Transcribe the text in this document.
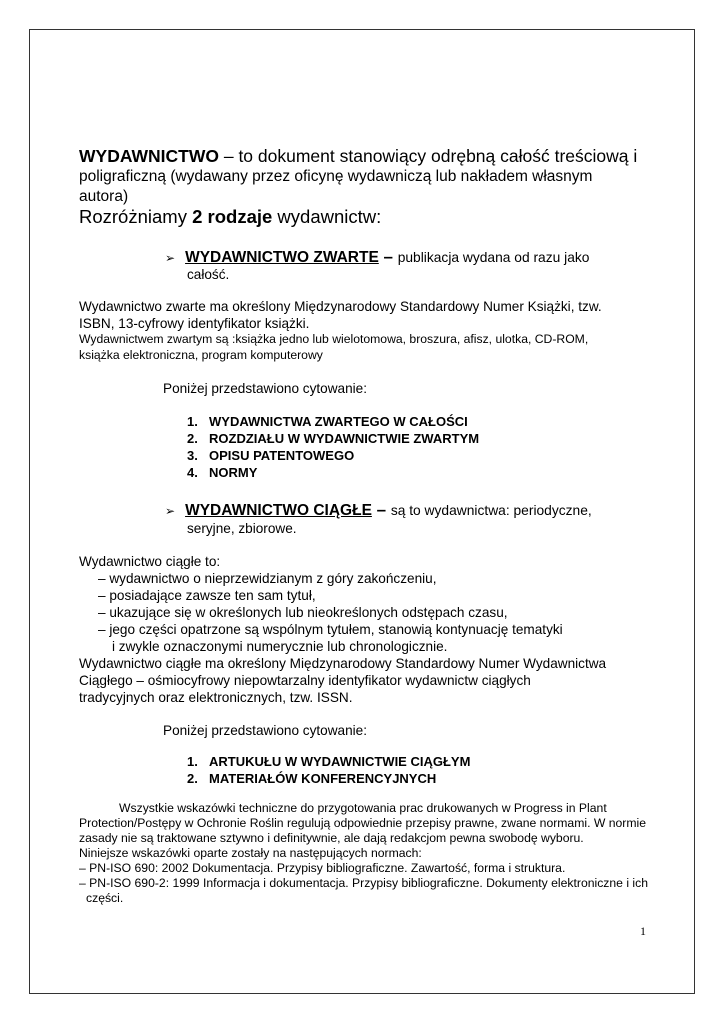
WYDAWNICTWO – to dokument stanowiący odrębną całość treściową i
poligraficzną (wydawany przez oficynę wydawniczą lub nakładem własnym
autora)
Rozróżniamy 2 rodzaje wydawnictw:
➢ WYDAWNICTWO ZWARTE – publikacja wydana od razu jako
całość.
Wydawnictwo zwarte ma określony Międzynarodowy Standardowy Numer Książki, tzw.
ISBN, 13-cyfrowy identyfikator książki.
Wydawnictwem zwartym są :książka jedno lub wielotomowa, broszura, afisz, ulotka, CD-ROM,
książka elektroniczna, program komputerowy
Poniżej przedstawiono cytowanie:
1. WYDAWNICTWA ZWARTEGO W CAŁOŚCI
2. ROZDZIAŁU W WYDAWNICTWIE ZWARTYM
3. OPISU PATENTOWEGO
4. NORMY
➢ WYDAWNICTWO CIĄGŁE – są to wydawnictwa: periodyczne,
seryjne, zbiorowe.
Wydawnictwo ciągłe to:
– wydawnictwo o nieprzewidzianym z góry zakończeniu,
– posiadające zawsze ten sam tytuł,
– ukazujące się w określonych lub nieokreślonych odstępach czasu,
– jego części opatrzone są wspólnym tytułem, stanowią kontynuację tematyki
i zwykle oznaczonymi numerycznie lub chronologicznie.
Wydawnictwo ciągłe ma określony Międzynarodowy Standardowy Numer Wydawnictwa
Ciągłego – ośmiocyfrowy niepowtarzalny identyfikator wydawnictw ciągłych
tradycyjnych oraz elektronicznych, tzw. ISSN.
Poniżej przedstawiono cytowanie:
1. ARTUKUŁU W WYDAWNICTWIE CIĄGŁYM
2. MATERIAŁÓW KONFERENCYJNYCH
Wszystkie wskazówki techniczne do przygotowania prac drukowanych w Progress in Plant
Protection/Postępy w Ochronie Roślin regulują odpowiednie przepisy prawne, zwane normami. W normie
zasady nie są traktowane sztywno i definitywnie, ale dają redakcjom pewna swobodę wyboru.
Niniejsze wskazówki oparte zostały na następujących normach:
– PN-ISO 690: 2002 Dokumentacja. Przypisy bibliograficzne. Zawartość, forma i struktura.
– PN-ISO 690-2: 1999 Informacja i dokumentacja. Przypisy bibliograficzne. Dokumenty elektroniczne i ich
części.
1
